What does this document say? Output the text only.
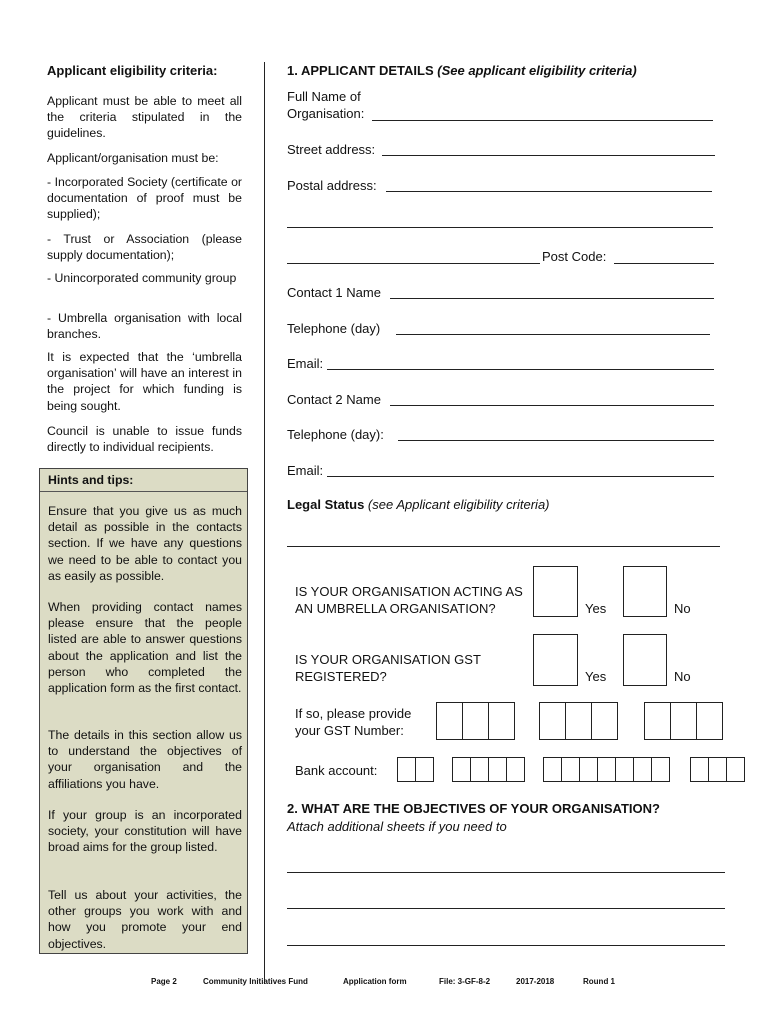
Applicant eligibility criteria:

Applicant must be able to meet all the criteria stipulated in the guidelines.

Applicant/organisation must be:

- Incorporated Society (certificate or documentation of proof must be supplied);

- Trust or Association (please supply documentation);

- Unincorporated community group

- Umbrella organisation with local branches.

It is expected that the ‘umbrella organisation’ will have an interest in the project for which funding is being sought.

Council is unable to issue funds directly to individual recipients.

Hints and tips:

Ensure that you give us as much detail as possible in the contacts section. If we have any questions we need to be able to contact you as easily as possible.

When providing contact names please ensure that the people listed are able to answer questions about the application and list the person who completed the application form as the first contact.

The details in this section allow us to understand the objectives of your organisation and the affiliations you have.

If your group is an incorporated society, your constitution will have broad aims for the group listed.

Tell us about your activities, the other groups you work with and how you promote your end objectives.

1. APPLICANT DETAILS (See applicant eligibility criteria)
Full Name of
Organisation:
Street address:
Postal address:
Post Code:
Contact 1 Name
Telephone (day)
Email:
Contact 2 Name
Telephone (day):
Email:
Legal Status (see Applicant eligibility criteria)
IS YOUR ORGANISATION ACTING AS
AN UMBRELLA ORGANISATION?	Yes	No
IS YOUR ORGANISATION GST
REGISTERED?	Yes	No
If so, please provide
your GST Number:
Bank account:
2. WHAT ARE THE OBJECTIVES OF YOUR ORGANISATION?
Attach additional sheets if you need to
Page 2	Community Initiatives Fund	Application form	File: 3-GF-8-2	2017-2018	Round 1
